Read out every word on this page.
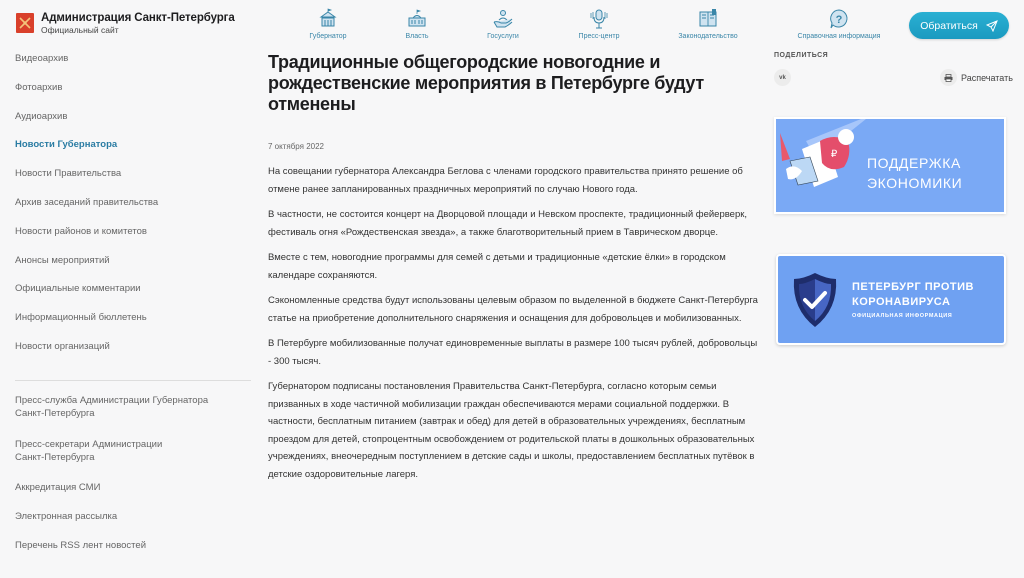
Администрация Санкт-Петербурга
Официальный сайт
Губернатор	Власть	Госуслуги	Пресс-центр	Законодательство
?
Справочная информация
Обратиться
Видеоархив
Фотоархив
Аудиоархив
Новости Губернатора
Новости Правительства
Архив заседаний правительства
Новости районов и комитетов
Анонсы мероприятий
Официальные комментарии
Информационный бюллетень
Новости организаций
Пресс-служба Администрации Губернатора Санкт-Петербурга
Пресс-секретари Администрации Санкт-Петербурга
Аккредитация СМИ
Электронная рассылка
Перечень RSS лент новостей
Традиционные общегородские новогодние и рождественские мероприятия в Петербурге будут отменены
7 октября 2022

На совещании губернатора Александра Беглова с членами городского правительства принято решение об отмене ранее запланированных праздничных мероприятий по случаю Нового года.

В частности, не состоится концерт на Дворцовой площади и Невском проспекте, традиционный фейерверк, фестиваль огня «Рождественская звезда», а также благотворительный прием в Таврическом дворце.

Вместе с тем, новогодние программы для семей с детьми и традиционные «детские ёлки» в городском календаре сохраняются.

Сэкономленные средства будут использованы целевым образом по выделенной в бюджете Санкт-Петербурга статье на приобретение дополнительного снаряжения и оснащения для добровольцев и мобилизованных.

В Петербурге мобилизованные получат единовременные выплаты в размере 100 тысяч рублей, добровольцы - 300 тысяч.

Губернатором подписаны постановления Правительства Санкт-Петербурга, согласно которым семьи призванных в ходе частичной мобилизации граждан обеспечиваются мерами социальной поддержки. В частности, бесплатным питанием (завтрак и обед) для детей в образовательных учреждениях, бесплатным проездом для детей, стопроцентным освобождением от родительской платы в дошкольных образовательных учреждениях, внеочередным поступлением в детские сады и школы, предоставлением бесплатных путёвок в детские оздоровительные лагеря.

ПОДЕЛИТЬСЯ
vk	Распечатать
₽
ПОДДЕРЖКА
ЭКОНОМИКИ
ПЕТЕРБУРГ ПРОТИВ
КОРОНАВИРУСА
ОФИЦИАЛЬНАЯ ИНФОРМАЦИЯ
